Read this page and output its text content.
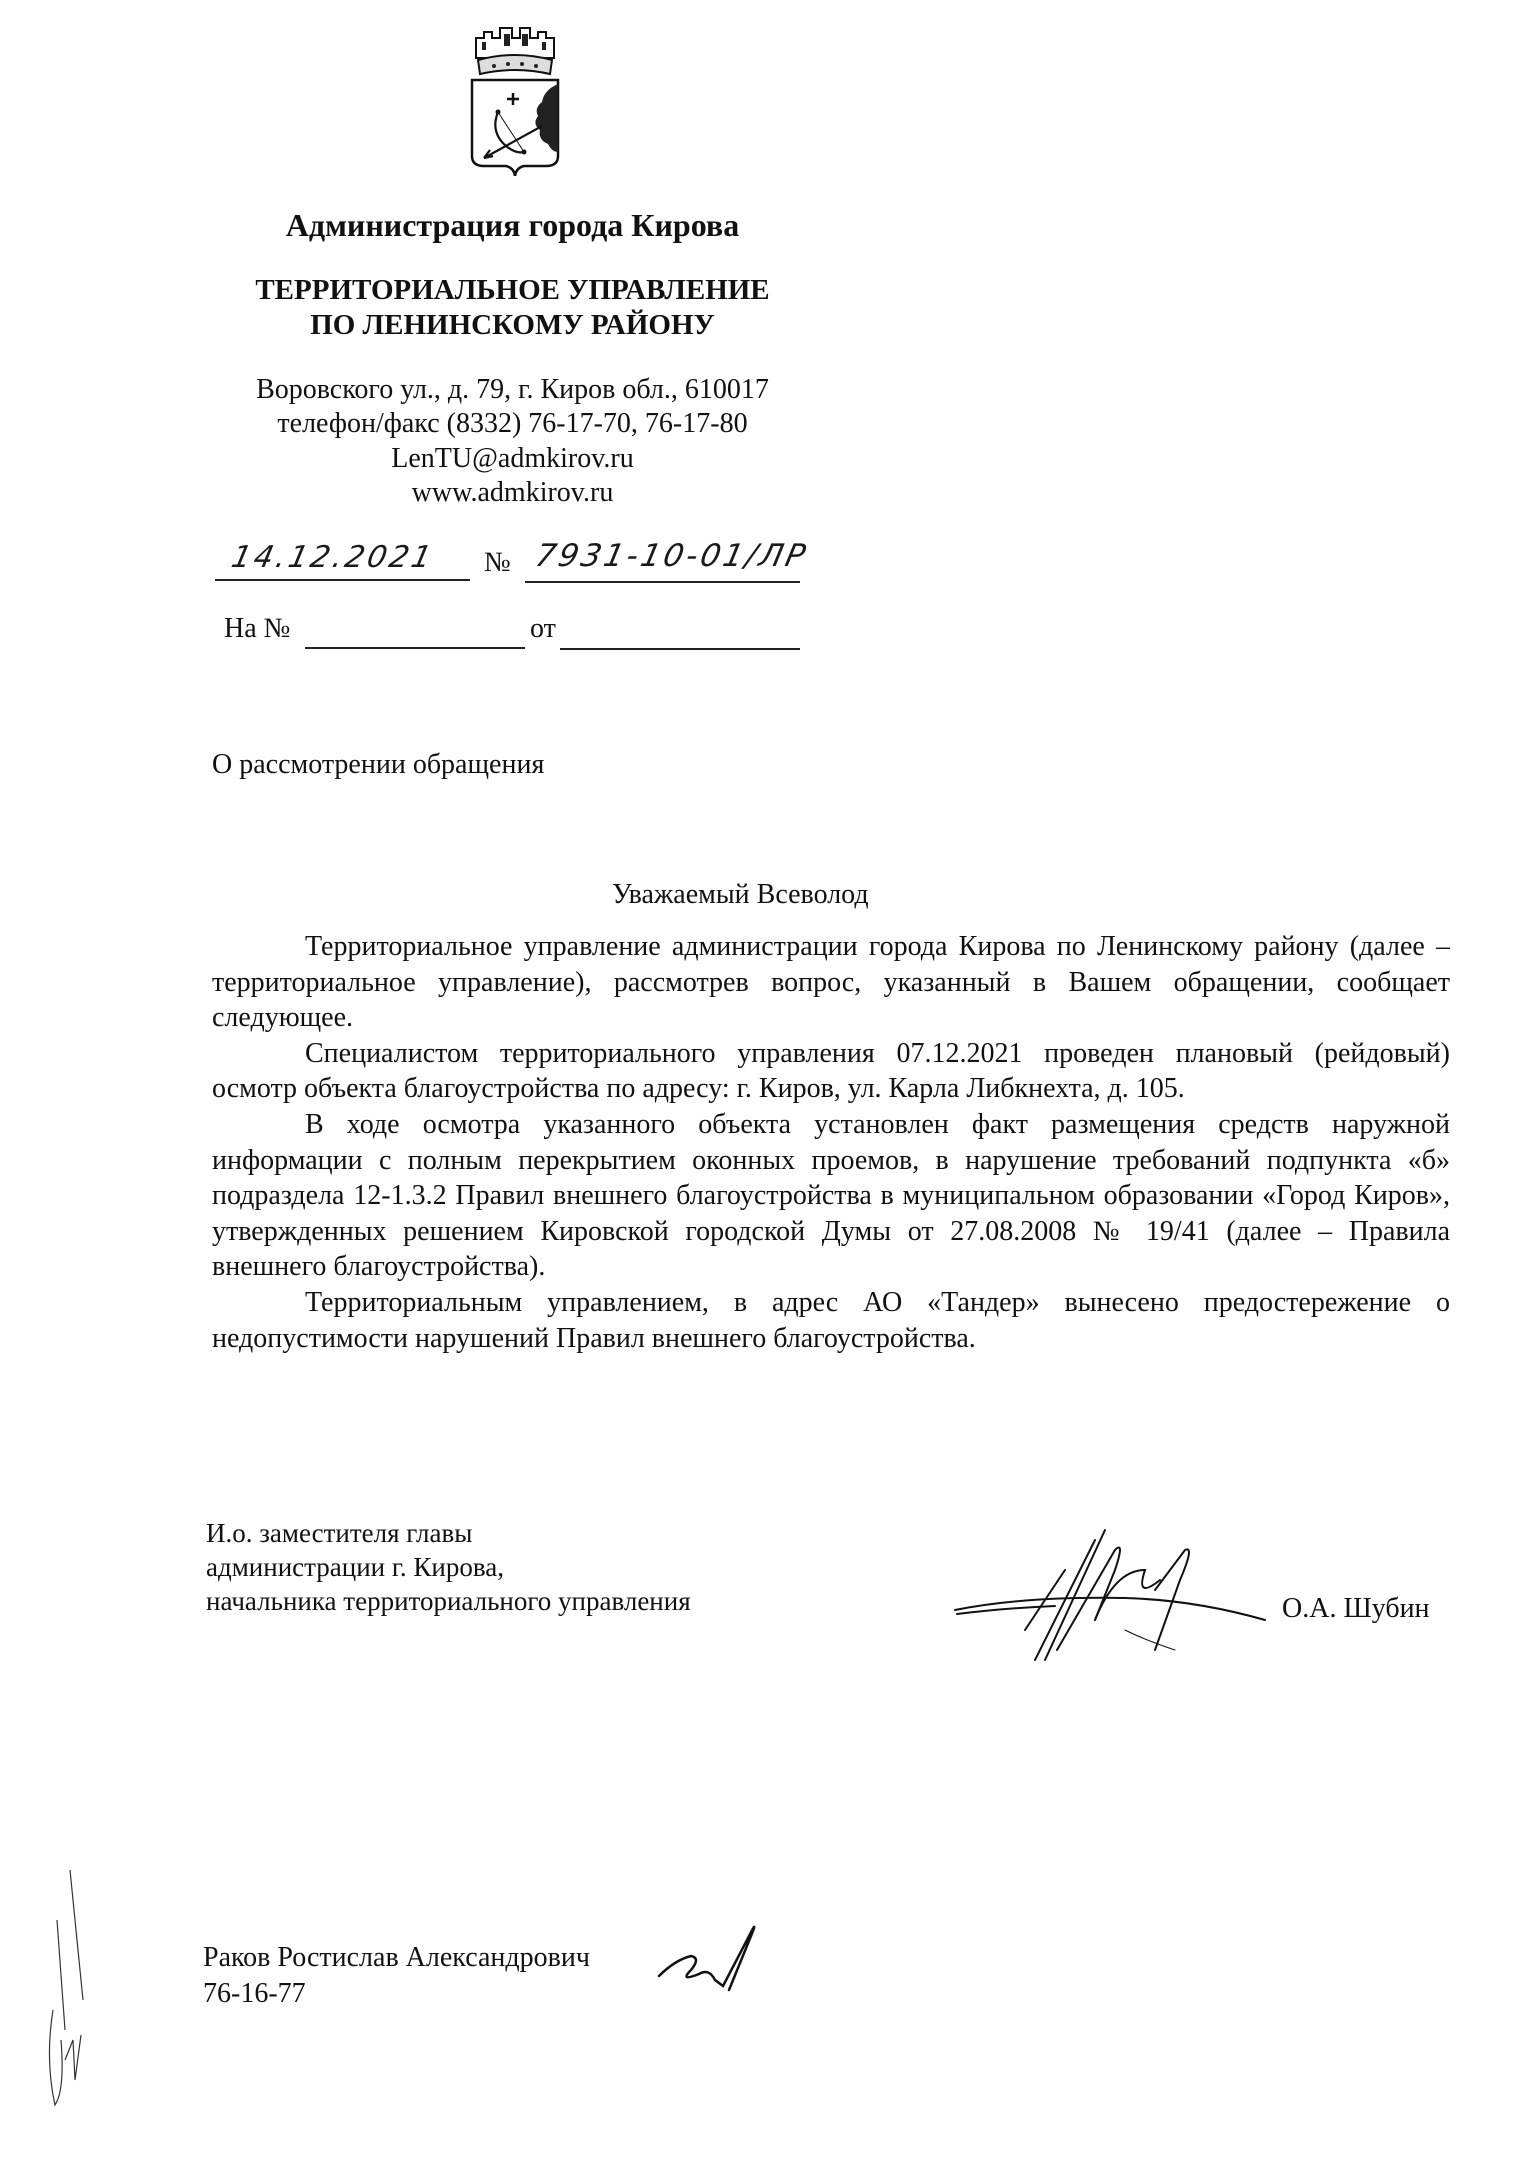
Администрация города Кирова
ТЕРРИТОРИАЛЬНОЕ УПРАВЛЕНИЕ
ПО ЛЕНИНСКОМУ РАЙОНУ
Воровского ул., д. 79, г. Киров обл., 610017
телефон/факс (8332) 76-17-70, 76-17-80
LenTU@admkirov.ru
www.admkirov.ru
14.12.2021 № 7931-10-01/ЛР
На №	от
О рассмотрении обращения
Уважаемый Всеволод

Территориальное управление администрации города Кирова по Ленинскому району (далее – территориальное управление), рассмотрев вопрос, указанный в Вашем обращении, сообщает следующее.

Специалистом территориального управления 07.12.2021 проведен плановый (рейдовый) осмотр объекта благоустройства по адресу: г. Киров, ул. Карла Либкнехта, д. 105.

В ходе осмотра указанного объекта установлен факт размещения средств наружной информации с полным перекрытием оконных проемов, в нарушение требований подпункта «б» подраздела 12-1.3.2 Правил внешнего благоустройства в муниципальном образовании «Город Киров», утвержденных решением Кировской городской Думы от 27.08.2008 № 19/41 (далее – Правила внешнего благоустройства).

Территориальным управлением, в адрес АО «Тандер» вынесено предостережение о недопустимости нарушений Правил внешнего благоустройства.

И.о. заместителя главы
администрации г. Кирова,
начальника территориального управления	О.А. Шубин
Раков Ростислав Александрович
76-16-77
